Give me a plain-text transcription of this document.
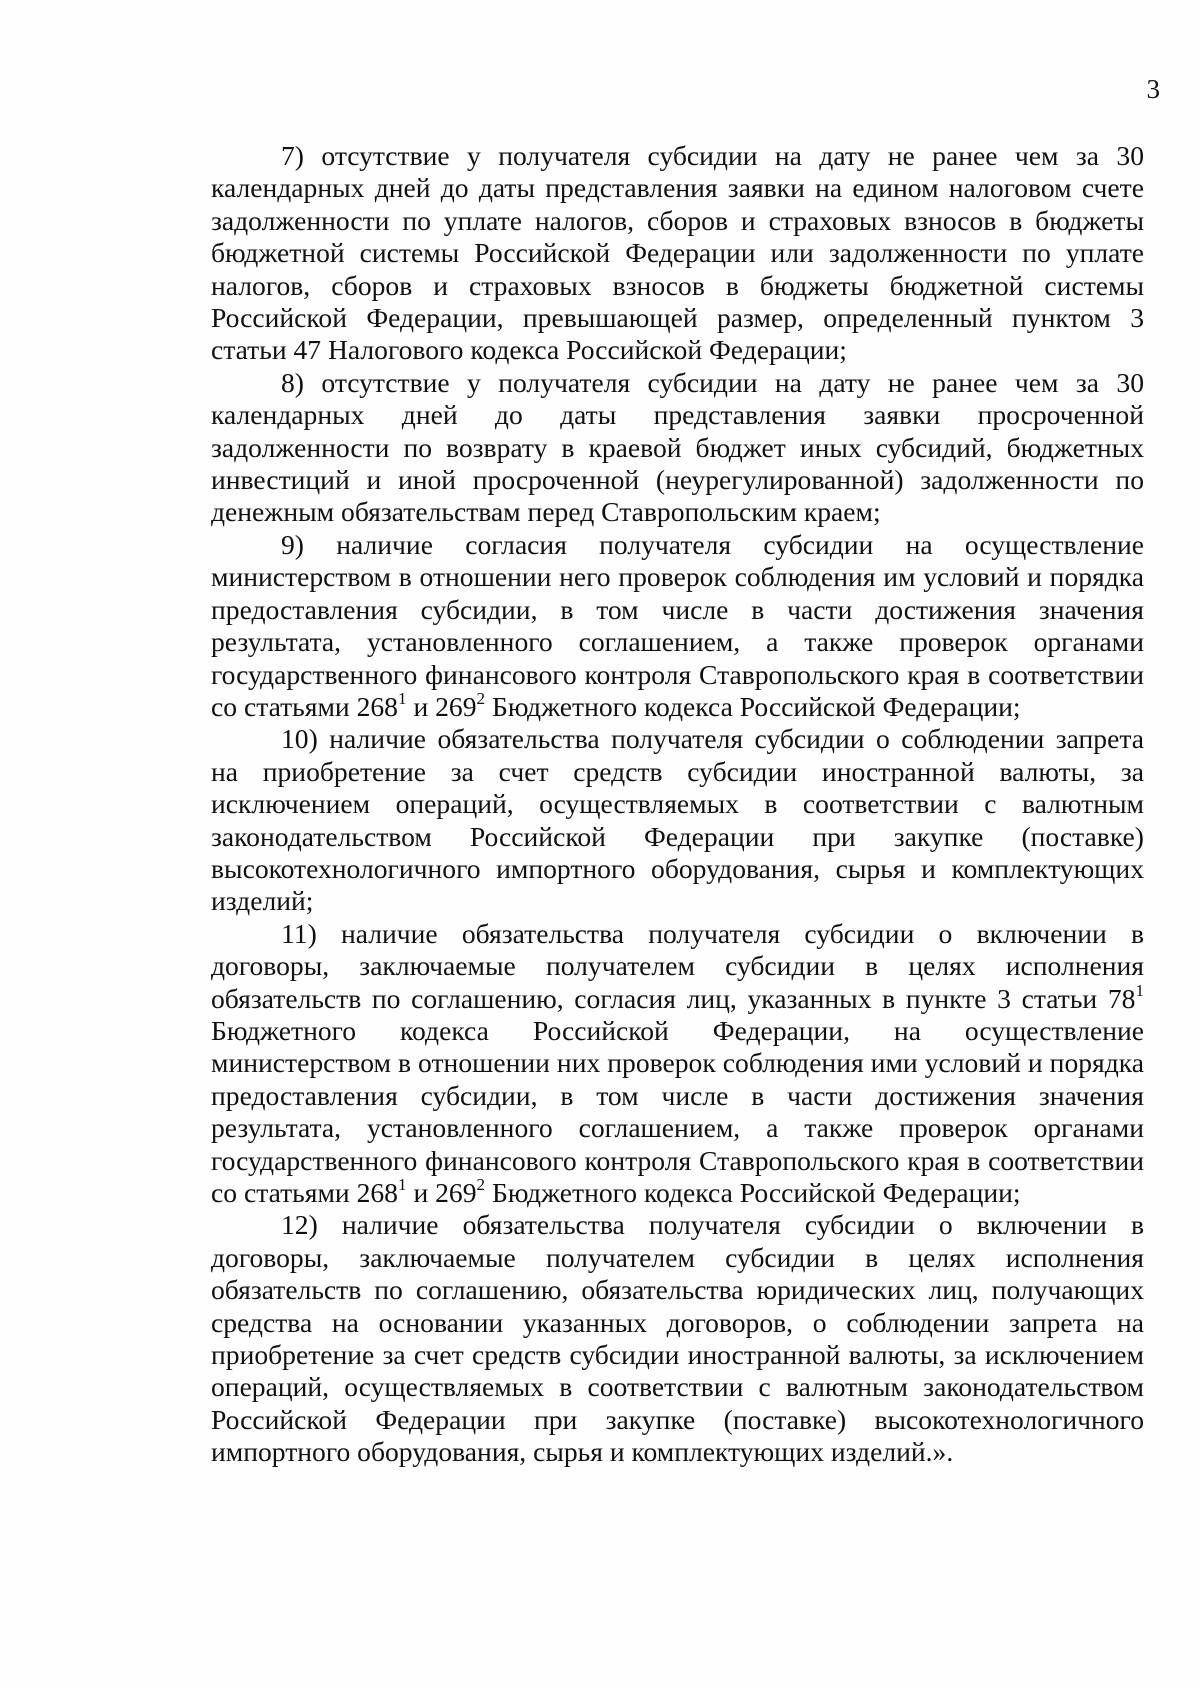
3

7) отсутствие у получателя субсидии на дату не ранее чем за 30 календарных дней до даты представления заявки на едином налоговом счете задолженности по уплате налогов, сборов и страховых взносов в бюджеты бюджетной системы Российской Федерации или задолженности по уплате налогов, сборов и страховых взносов в бюджеты бюджетной системы Российской Федерации, превышающей размер, определенный пунктом 3 статьи 47 Налогового кодекса Российской Федерации;

8) отсутствие у получателя субсидии на дату не ранее чем за 30 календарных дней до даты представления заявки просроченной задолженности по возврату в краевой бюджет иных субсидий, бюджетных инвестиций и иной просроченной (неурегулированной) задолженности по денежным обязательствам перед Ставропольским краем;

9) наличие согласия получателя субсидии на осуществление министерством в отношении него проверок соблюдения им условий и порядка предоставления субсидии, в том числе в части достижения значения результата, установленного соглашением, а также проверок органами государственного финансового контроля Ставропольского края в соответствии со статьями $268^1$ и $269^2$ Бюджетного кодекса Российской Федерации;

10) наличие обязательства получателя субсидии о соблюдении запрета на приобретение за счет средств субсидии иностранной валюты, за исключением операций, осуществляемых в соответствии с валютным законодательством Российской Федерации при закупке (поставке) высокотехнологичного импортного оборудования, сырья и комплектующих изделий;

11) наличие обязательства получателя субсидии о включении в договоры, заключаемые получателем субсидии в целях исполнения обязательств по соглашению, согласия лиц, указанных в пункте 3 статьи $78^1$ Бюджетного кодекса Российской Федерации, на осуществление министерством в отношении них проверок соблюдения ими условий и порядка предоставления субсидии, в том числе в части достижения значения результата, установленного соглашением, а также проверок органами государственного финансового контроля Ставропольского края в соответствии со статьями $268^1$ и $269^2$ Бюджетного кодекса Российской Федерации;

12) наличие обязательства получателя субсидии о включении в договоры, заключаемые получателем субсидии в целях исполнения обязательств по соглашению, обязательства юридических лиц, получающих средства на основании указанных договоров, о соблюдении запрета на приобретение за счет средств субсидии иностранной валюты, за исключением операций, осуществляемых в соответствии с валютным законодательством Российской Федерации при закупке (поставке) высокотехнологичного импортного оборудования, сырья и комплектующих изделий.».
